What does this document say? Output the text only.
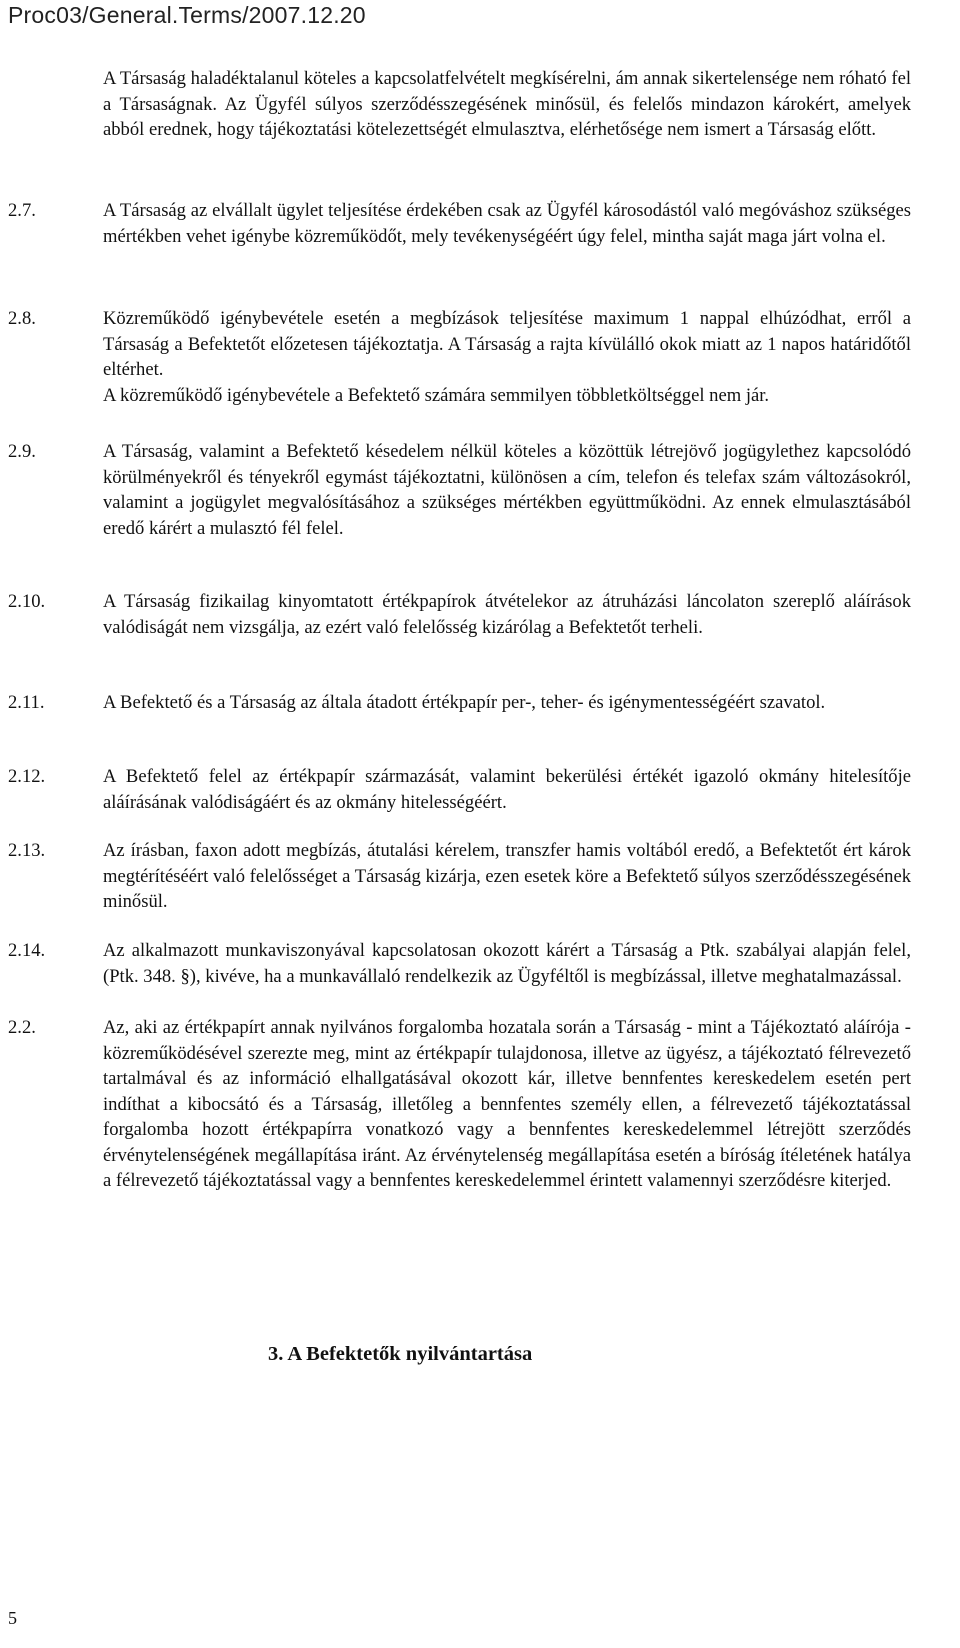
Proc03/General.Terms/2007.12.20

A Társaság haladéktalanul köteles a kapcsolatfelvételt megkísérelni, ám annak sikertelensége nem róható fel a Társaságnak. Az Ügyfél súlyos szerződésszegésének minősül, és felelős mindazon károkért, amelyek abból erednek, hogy tájékoztatási kötelezettségét elmulasztva, elérhetősége nem ismert a Társaság előtt.

2.7.	A Társaság az elvállalt ügylet teljesítése érdekében csak az Ügyfél károsodástól való megóváshoz szükséges mértékben vehet igénybe közreműködőt, mely tevékenységéért úgy felel, mintha saját maga járt volna el.

2.8.	Közreműködő igénybevétele esetén a megbízások teljesítése maximum 1 nappal elhúzódhat, erről a Társaság a Befektetőt előzetesen tájékoztatja. A Társaság a rajta kívülálló okok miatt az 1 napos határidőtől eltérhet.

A közreműködő igénybevétele a Befektető számára semmilyen többletköltséggel nem jár.

2.9.	A Társaság, valamint a Befektető késedelem nélkül köteles a közöttük létrejövő jogügylethez kapcsolódó körülményekről és tényekről egymást tájékoztatni, különösen a cím, telefon és telefax szám változásokról, valamint a jogügylet megvalósításához a szükséges mértékben együttműködni. Az ennek elmulasztásából eredő kárért a mulasztó fél felel.

2.10.	A Társaság fizikailag kinyomtatott értékpapírok átvételekor az átruházási láncolaton szereplő aláírások valódiságát nem vizsgálja, az ezért való felelősség kizárólag a Befektetőt terheli.

2.11.	A Befektető és a Társaság az általa átadott értékpapír per-, teher- és igénymentességéért szavatol.

2.12.	A Befektető felel az értékpapír származását, valamint bekerülési értékét igazoló okmány hitelesítője aláírásának valódiságáért és az okmány hitelességéért.

2.13.	Az írásban, faxon adott megbízás, átutalási kérelem, transzfer hamis voltából eredő, a Befektetőt ért károk megtérítéséért való felelősséget a Társaság kizárja, ezen esetek köre a Befektető súlyos szerződésszegésének minősül.

2.14.	Az alkalmazott munkaviszonyával kapcsolatosan okozott kárért a Társaság a Ptk. szabályai alapján felel, (Ptk. 348. §), kivéve, ha a munkavállaló rendelkezik az Ügyféltől is megbízással, illetve meghatalmazással.

2.2.	Az, aki az értékpapírt annak nyilvános forgalomba hozatala során a Társaság - mint a Tájékoztató aláírója - közreműködésével szerezte meg, mint az értékpapír tulajdonosa, illetve az ügyész, a tájékoztató félrevezető tartalmával és az információ elhallgatásával okozott kár, illetve bennfentes kereskedelem esetén pert indíthat a kibocsátó és a Társaság, illetőleg a bennfentes személy ellen, a félrevezető tájékoztatással forgalomba hozott értékpapírra vonatkozó vagy a bennfentes kereskedelemmel létrejött szerződés érvénytelenségének megállapítása iránt. Az érvénytelenség megállapítása esetén a bíróság ítéletének hatálya a félrevezető tájékoztatással vagy a bennfentes kereskedelemmel érintett valamennyi szerződésre kiterjed.

3. A Befektetők nyilvántartása
5
